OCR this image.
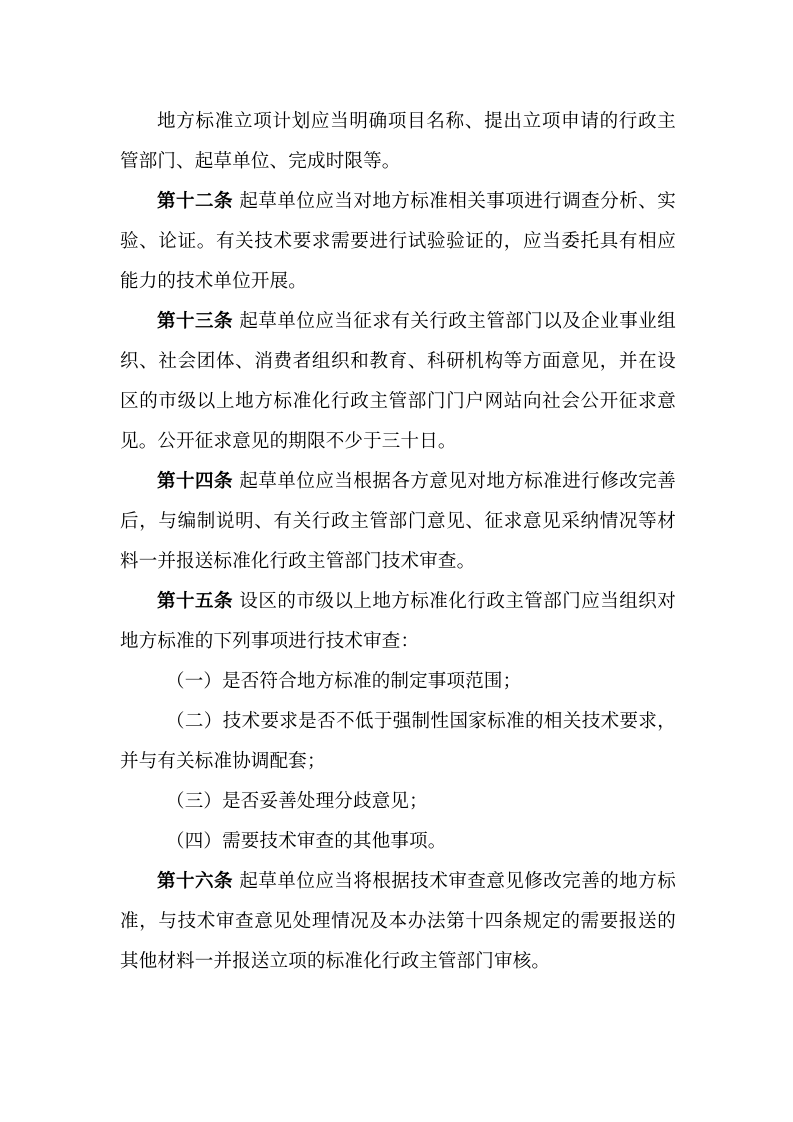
地方标准立项计划应当明确项目名称、提出立项申请的行政主管部门、起草单位、完成时限等。

第十二条 起草单位应当对地方标准相关事项进行调查分析、实验、论证。有关技术要求需要进行试验验证的，应当委托具有相应能力的技术单位开展。

第十三条 起草单位应当征求有关行政主管部门以及企业事业组织、社会团体、消费者组织和教育、科研机构等方面意见，并在设区的市级以上地方标准化行政主管部门门户网站向社会公开征求意见。公开征求意见的期限不少于三十日。

第十四条 起草单位应当根据各方意见对地方标准进行修改完善后，与编制说明、有关行政主管部门意见、征求意见采纳情况等材料一并报送标准化行政主管部门技术审查。

第十五条 设区的市级以上地方标准化行政主管部门应当组织对地方标准的下列事项进行技术审查：

（一）是否符合地方标准的制定事项范围；

（二）技术要求是否不低于强制性国家标准的相关技术要求，并与有关标准协调配套；

（三）是否妥善处理分歧意见；

（四）需要技术审查的其他事项。

第十六条 起草单位应当将根据技术审查意见修改完善的地方标准，与技术审查意见处理情况及本办法第十四条规定的需要报送的其他材料一并报送立项的标准化行政主管部门审核。
